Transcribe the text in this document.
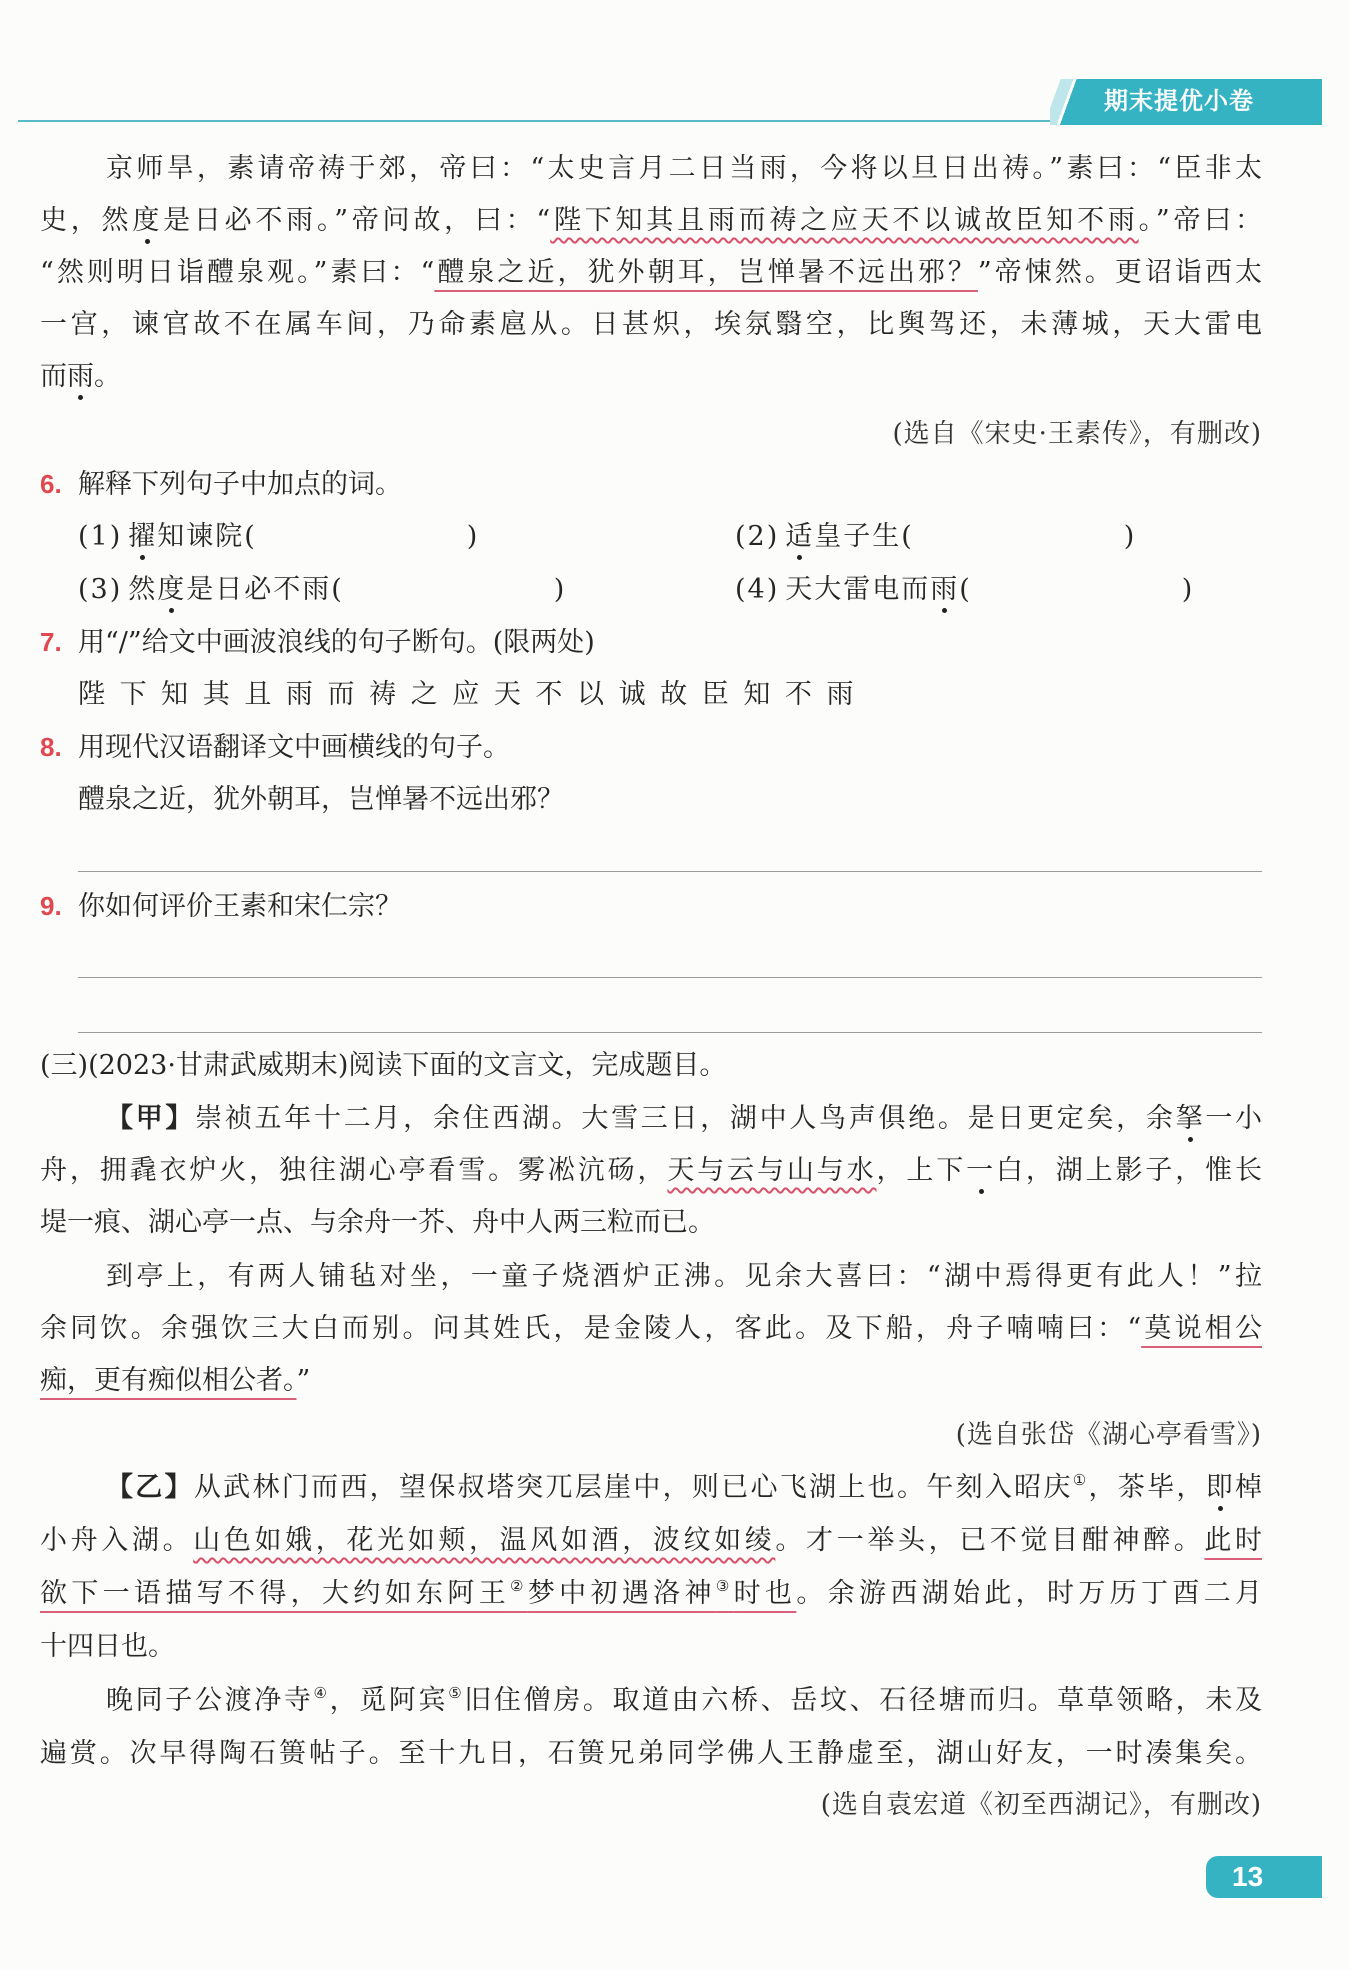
期末提优小卷
京师旱，素请帝祷于郊，帝曰：“太史言月二日当雨，今将以旦日出祷。”素曰：“臣非太
史，然度是日必不雨。”帝问故，曰：“陛下知其且雨而祷之应天不以诚故臣知不雨。”帝曰：
“然则明日诣醴泉观。”素曰：“醴泉之近，犹外朝耳，岂惮暑不远出邪？”帝悚然。更诏诣西太
一宫，谏官故不在属车间，乃命素扈从。日甚炽，埃氛翳空，比舆驾还，未薄城，天大雷电
而雨。
(选自《宋史·王素传》，有删改)
6. 解释下列句子中加点的词。
(1) 擢知谏院(	)	(2) 适皇子生(	)
(3) 然度是日必不雨(	)	(4) 天大雷电而雨(	)
7. 用“/”给文中画波浪线的句子断句。(限两处)
陛 下 知 其 且 雨 而 祷 之 应 天 不 以 诚 故 臣 知 不 雨
8. 用现代汉语翻译文中画横线的句子。
醴泉之近，犹外朝耳，岂惮暑不远出邪？
9. 你如何评价王素和宋仁宗？
(三)(2023·甘肃武威期末)阅读下面的文言文，完成题目。
【甲】崇祯五年十二月，余住西湖。大雪三日，湖中人鸟声俱绝。是日更定矣，余拏一小
舟，拥毳衣炉火，独往湖心亭看雪。雾凇沆砀，天与云与山与水，上下一白，湖上影子，惟长
堤一痕、湖心亭一点、与余舟一芥、舟中人两三粒而已。
到亭上，有两人铺毡对坐，一童子烧酒炉正沸。见余大喜曰：“湖中焉得更有此人！”拉
余同饮。余强饮三大白而别。问其姓氏，是金陵人，客此。及下船，舟子喃喃曰：“莫说相公
痴，更有痴似相公者。”
(选自张岱《湖心亭看雪》)
【乙】从武林门而西，望保叔塔突兀层崖中，则已心飞湖上也。午刻入昭庆①，茶毕，即棹
小舟入湖。山色如娥，花光如颊，温风如酒，波纹如绫。才一举头，已不觉目酣神醉。此时
欲下一语描写不得，大约如东阿王②梦中初遇洛神③时也。余游西湖始此，时万历丁酉二月
十四日也。
晚同子公渡净寺④，觅阿宾⑤旧住僧房。取道由六桥、岳坟、石径塘而归。草草领略，未及
遍赏。次早得陶石篑帖子。至十九日，石篑兄弟同学佛人王静虚至，湖山好友，一时凑集矣。
(选自袁宏道《初至西湖记》，有删改)
13
